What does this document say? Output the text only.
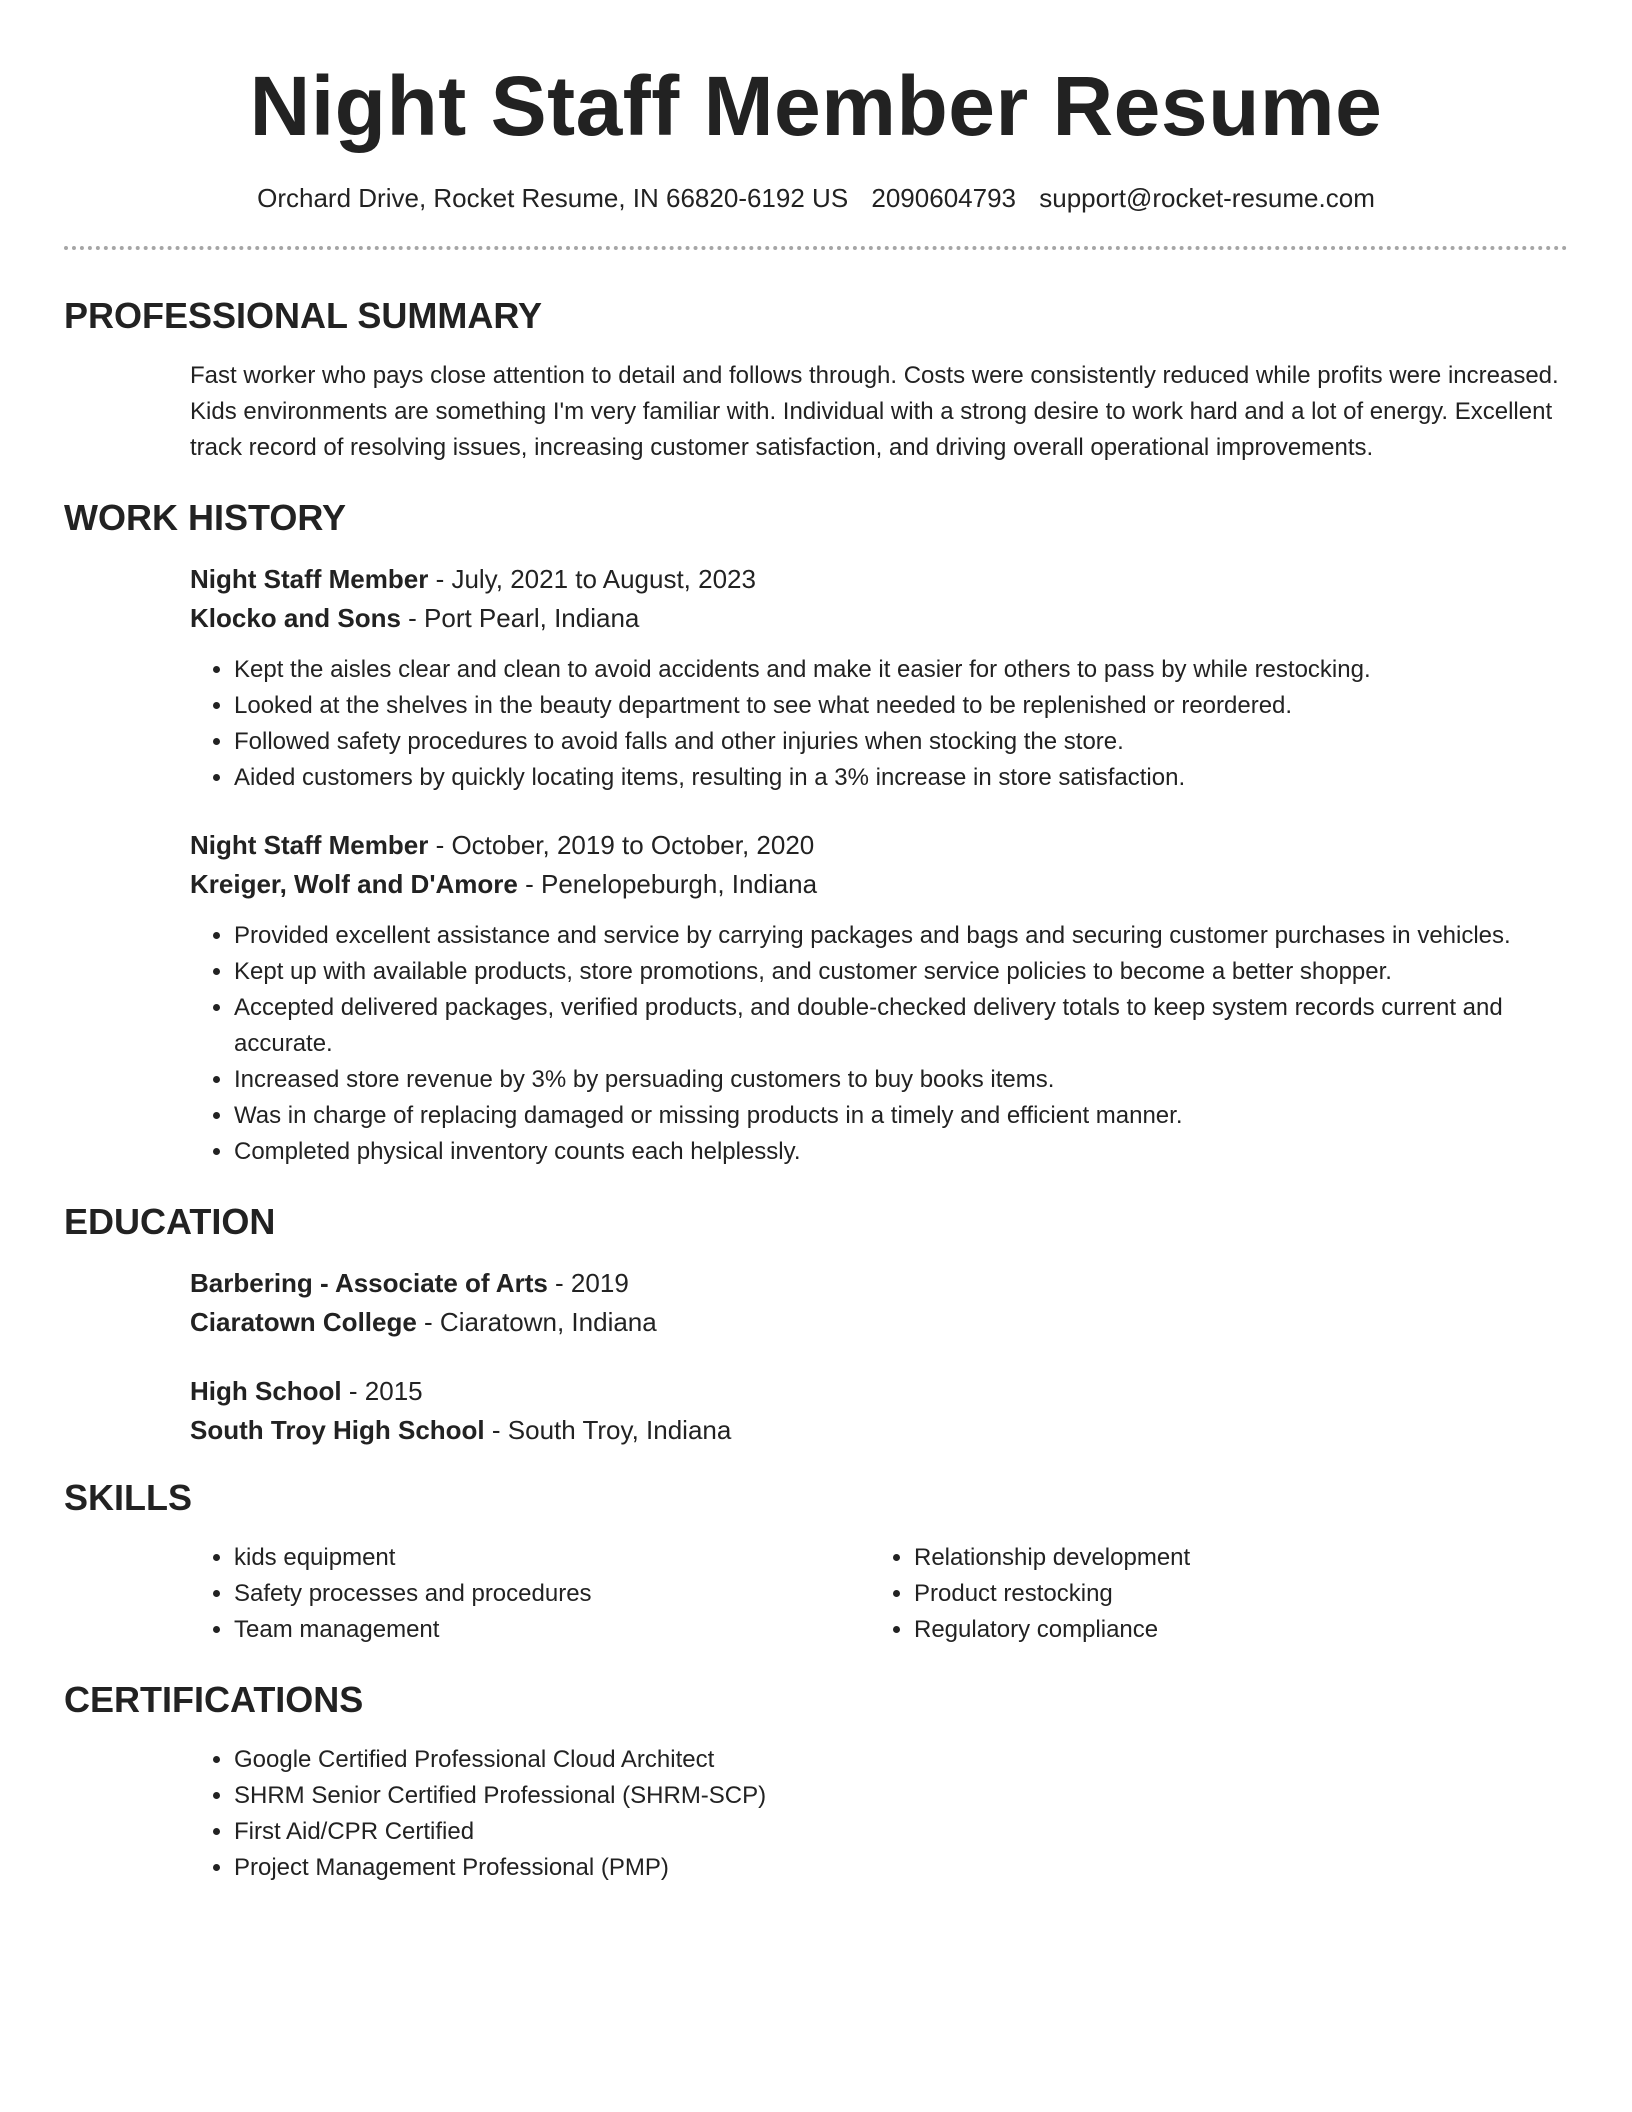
Night Staff Member Resume
Orchard Drive, Rocket Resume, IN 66820-6192 US 2090604793 support@rocket-resume.com
PROFESSIONAL SUMMARY

Fast worker who pays close attention to detail and follows through. Costs were consistently reduced while profits were increased. Kids environments are something I'm very familiar with. Individual with a strong desire to work hard and a lot of energy. Excellent track record of resolving issues, increasing customer satisfaction, and driving overall operational improvements.

WORK HISTORY
Night Staff Member - July, 2021 to August, 2023
Klocko and Sons - Port Pearl, Indiana
• Kept the aisles clear and clean to avoid accidents and make it easier for others to pass by while restocking.
• Looked at the shelves in the beauty department to see what needed to be replenished or reordered.
• Followed safety procedures to avoid falls and other injuries when stocking the store.
• Aided customers by quickly locating items, resulting in a 3% increase in store satisfaction.
Night Staff Member - October, 2019 to October, 2020
Kreiger, Wolf and D'Amore - Penelopeburgh, Indiana
• Provided excellent assistance and service by carrying packages and bags and securing customer purchases in vehicles.
• Kept up with available products, store promotions, and customer service policies to become a better shopper.
• Accepted delivered packages, verified products, and double-checked delivery totals to keep system records current and accurate.
• Increased store revenue by 3% by persuading customers to buy books items.
• Was in charge of replacing damaged or missing products in a timely and efficient manner.
• Completed physical inventory counts each helplessly.
EDUCATION
Barbering - Associate of Arts - 2019
Ciaratown College - Ciaratown, Indiana
High School - 2015
South Troy High School - South Troy, Indiana
SKILLS
• kids equipment
• Safety processes and procedures
• Team management
• Relationship development
• Product restocking
• Regulatory compliance
CERTIFICATIONS
• Google Certified Professional Cloud Architect
• SHRM Senior Certified Professional (SHRM-SCP)
• First Aid/CPR Certified
• Project Management Professional (PMP)
